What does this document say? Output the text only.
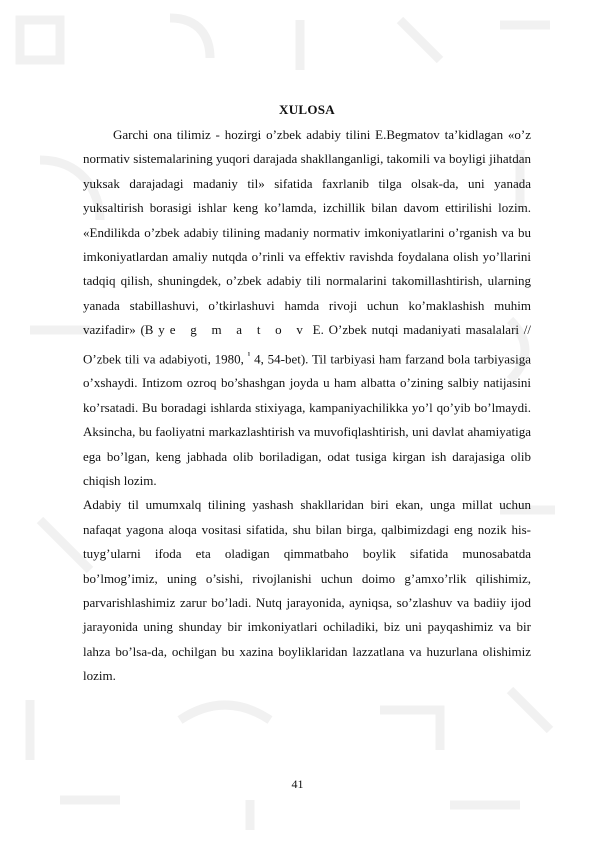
XULOSA

Garchi ona tilimiz - hozirgi o’zbek adabiy tilini E.Begmatov ta’kidlagan «o’z normativ sistemalarining yuqori darajada shakllanganligi, takomili va boyligi jihatdan yuksak darajadagi madaniy til» sifatida faxrlanib tilga olsak-da, uni yanada yuksaltirish borasigi ishlar keng ko’lamda, izchillik bilan davom ettirilishi lozim. «Endilikda o’zbek adabiy tilining madaniy normativ imkoniyatlarini o’rganish va bu imkoniyatlardan amaliy nutqda o’rinli va effektiv ravishda foydalana olish yo’llarini tadqiq qilish, shuningdek, o’zbek adabiy tili normalarini takomillashtirish, ularning yanada stabillashuvi, o’tkirlashuvi hamda rivoji uchun ko’maklashish muhim vazifadir» (В ye g m a t o v E. O’zbek nutqi madaniyati masalalari // O’zbek tili va adabiyoti, 1980, $^{^1}$ 4, 54-bet). Til tarbiyasi ham farzand bola tarbiyasiga o’xshaydi. Intizom ozroq bo’shashgan joyda u ham albatta o’zining salbiy natijasini ko’rsatadi. Bu boradagi ishlarda stixiyaga, kampaniyachilikka yo’l qo’yib bo’lmaydi. Aksincha, bu faoliyatni markazlashtirish va muvofiqlashtirish, uni davlat ahamiyatiga ega bo’lgan, keng jabhada olib boriladigan, odat tusiga kirgan ish darajasiga olib chiqish lozim.

Adabiy til umumxalq tilining yashash shakllaridan biri ekan, unga millat uchun nafaqat yagona aloqa vositasi sifatida, shu bilan birga, qalbimizdagi eng nozik his-tuyg’ularni ifoda eta oladigan qimmatbaho boylik sifatida munosabatda bo’lmog’imiz, uning o’sishi, rivojlanishi uchun doimo g’amxo’rlik qilishimiz, parvarishlashimiz zarur bo’ladi. Nutq jarayonida, ayniqsa, so’zlashuv va badiiy ijod jarayonida uning shunday bir imkoniyatlari ochiladiki, biz uni payqashimiz va bir lahza bo’lsa-da, ochilgan bu xazina boyliklaridan lazzatlana va huzurlana olishimiz lozim.

41
